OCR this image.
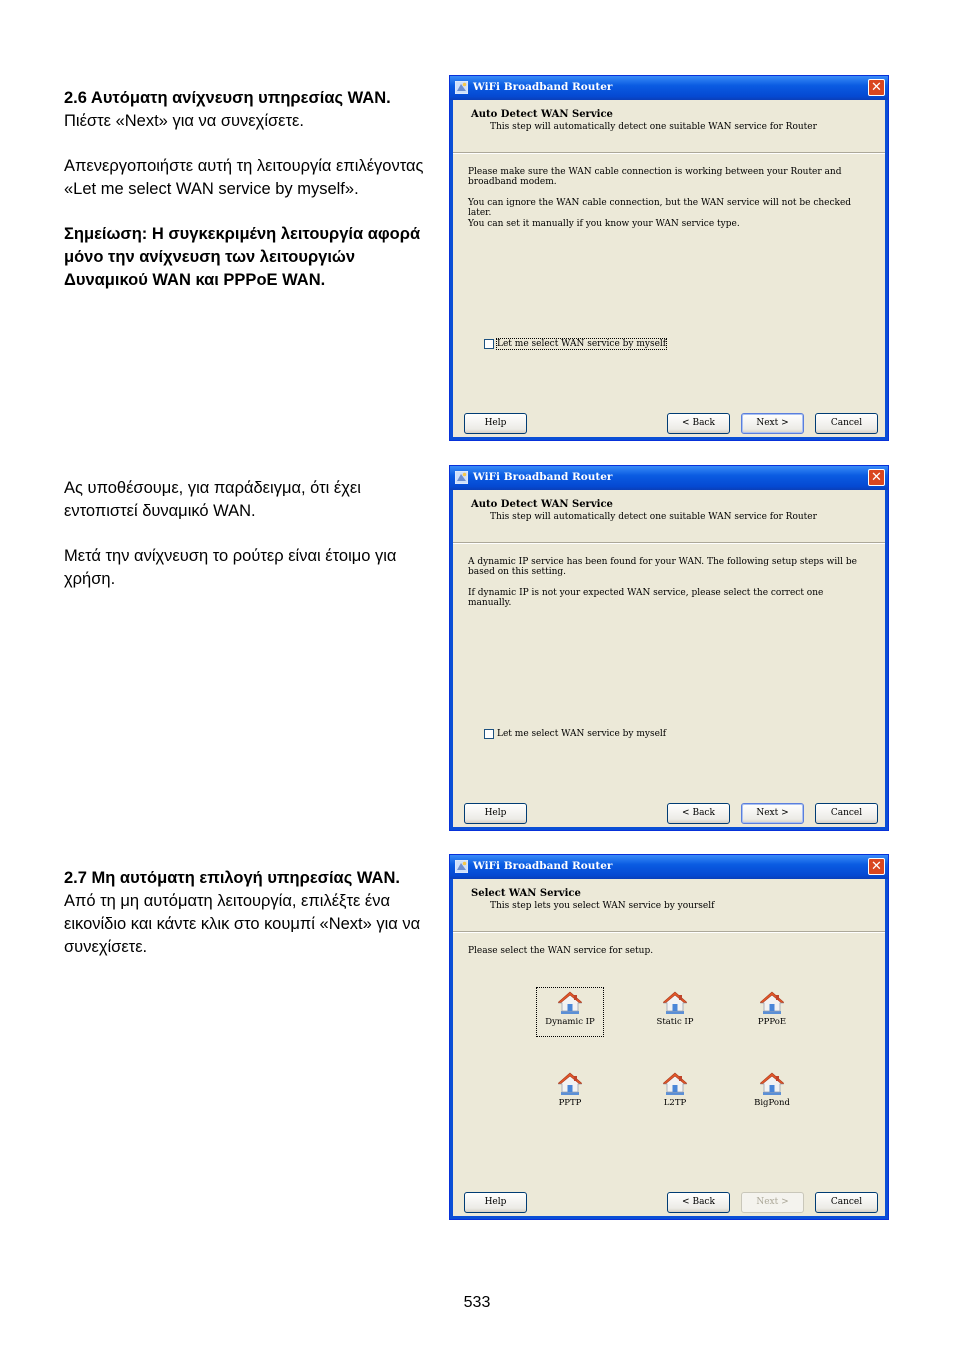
2.6 Αυτόματη ανίχνευση υπηρεσίας WAN.

Πιέστε «Next» για να συνεχίσετε.

Απενεργοποιήστε αυτή τη λειτουργία επιλέγοντας «Let me select WAN service by myself».

Σημείωση: Η συγκεκριμένη λειτουργία αφορά μόνο την ανίχνευση των λειτουργιών Δυναμικού WAN και PPPoE WAN.

Ας υποθέσουμε, για παράδειγμα, ότι έχει εντοπιστεί δυναμικό WAN.

Μετά την ανίχνευση το ρούτερ είναι έτοιμο για χρήση.

2.7 Μη αυτόματη επιλογή υπηρεσίας WAN.

Από τη μη αυτόματη λειτουργία, επιλέξτε ένα εικονίδιο και κάντε κλικ στο κουμπί «Next» για να συνεχίσετε.

WiFi Broadband Router	✕
Auto Detect WAN Service
This step will automatically detect one suitable WAN service for Router
Please make sure the WAN cable connection is working between your Router and broadband modem.
You can ignore the WAN cable connection, but the WAN service will not be checked later.
You can set it manually if you know your WAN service type.
Let me select WAN service by myself
Help	< Back	Next >	Cancel
WiFi Broadband Router	✕
Auto Detect WAN Service
This step will automatically detect one suitable WAN service for Router
A dynamic IP service has been found for your WAN. The following setup steps will be based on this setting.
If dynamic IP is not your expected WAN service, please select the correct one manually.
Let me select WAN service by myself
Help	< Back	Next >	Cancel
WiFi Broadband Router	✕
Select WAN Service
This step lets you select WAN service by yourself
Please select the WAN service for setup.
Dynamic IP	Static IP	PPPoE
PPTP	L2TP	BigPond
Help	< Back	Next >	Cancel
533
